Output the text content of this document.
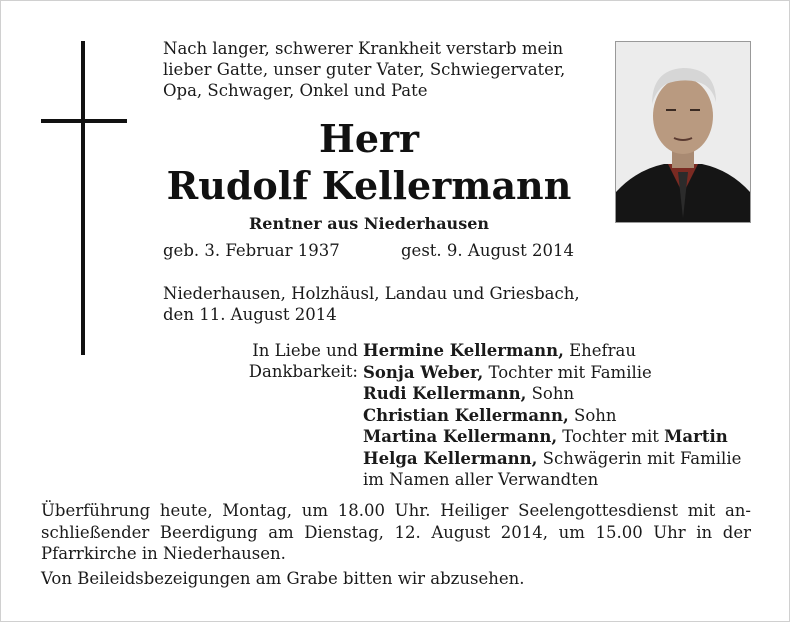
Nach langer, schwerer Krankheit verstarb mein
lieber Gatte, unser guter Vater, Schwiegervater,
Opa, Schwager, Onkel und Pate

Herr
Rudolf Kellermann

Rentner aus Niederhausen

geb. 3. Februar 1937	gest. 9. August 2014

Niederhausen, Holzhäusl, Landau und Griesbach,
den 11. August 2014

In Liebe und
Dankbarkeit:
Hermine Kellermann, Ehefrau
Sonja Weber, Tochter mit Familie
Rudi Kellermann, Sohn
Christian Kellermann, Sohn
Martina Kellermann, Tochter mit Martin
Helga Kellermann, Schwägerin mit Familie
im Namen aller Verwandten

Überführung heute, Montag, um 18.00 Uhr. Heiliger Seelengottesdienst mit an-
schließender Beerdigung am Dienstag, 12. August 2014, um 15.00 Uhr in der
Pfarrkirche in Niederhausen.

Von Beileidsbezeigungen am Grabe bitten wir abzusehen.
